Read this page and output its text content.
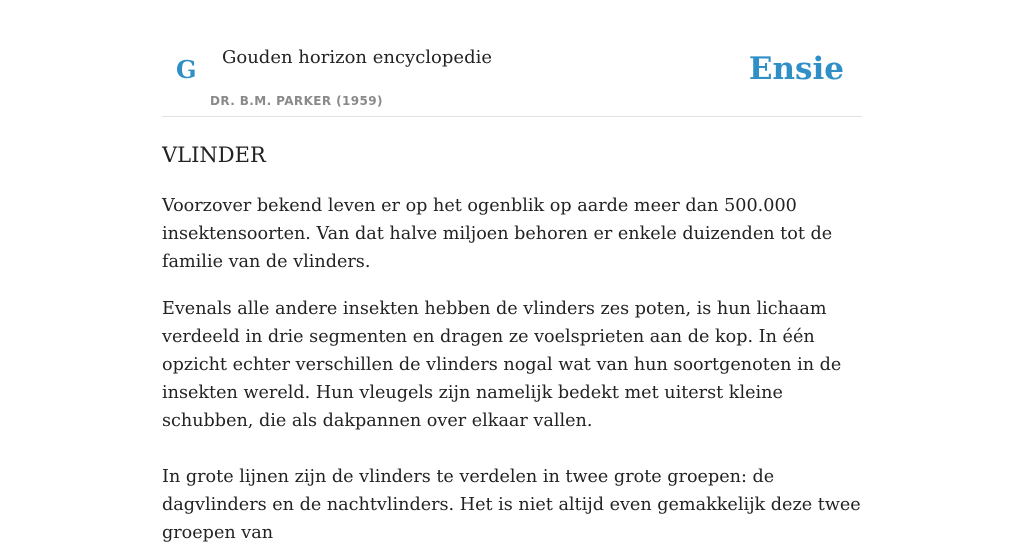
G Gouden horizon encyclopedie
DR. B.M. PARKER (1959)
Ensie
VLINDER

Voorzover bekend leven er op het ogenblik op aarde meer dan 500.000 insektensoorten. Van dat halve miljoen behoren er enkele duizenden tot de familie van de vlinders.

Evenals alle andere insekten hebben de vlinders zes poten, is hun lichaam verdeeld in drie segmenten en dragen ze voelsprieten aan de kop. In één opzicht echter verschillen de vlinders nogal wat van hun soortgenoten in de insekten wereld. Hun vleugels zijn namelijk bedekt met uiterst kleine schubben, die als dakpannen over elkaar vallen.

In grote lijnen zijn de vlinders te verdelen in twee grote groepen: de dagvlinders en de nachtvlinders. Het is niet altijd even gemakkelijk deze twee groepen van
